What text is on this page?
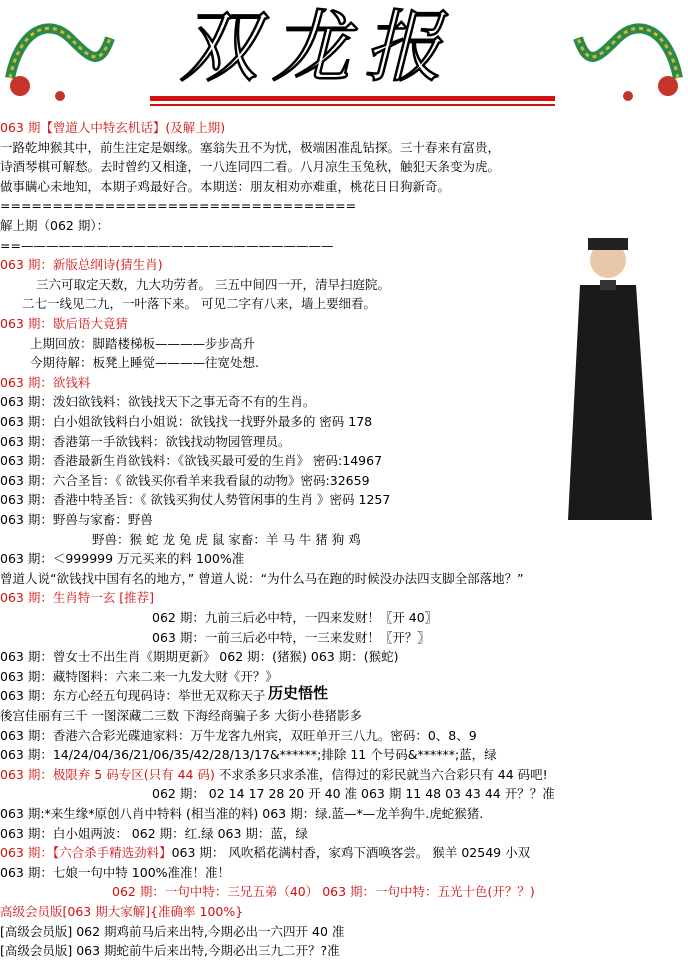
双龙报
063 期【曾道人中特玄机话】(及解上期)
一路乾坤猴其中，前生注定是姻缘。塞翁失丑不为忧，极端困准乱钻探。三十春来有富贵，
诗酒琴棋可解愁。去时曾约又相逢，一八连同四二看。八月凉生玉兔秋，触犯天条变为虎。
做事瞒心未地知，本期子鸡最好合。本期送：朋友相劝亦难重，桃花日日狗新奇。
==================================
解上期（062 期）：
==—————————————————————————
063 期：新版总纲诗(猜生肖)
三六可取定天数，九大功劳者。 三五中间四一开，清早扫庭院。
二七一线见二九，一叶落下来。 可见二字有八来，墙上要细看。
063 期：歇后语大竟猜
上期回放：脚踏楼梯板————步步高升
今期待解：板凳上睡觉————往宽处想.
063 期：欲钱料
063 期：泼妇欲钱料：欲钱找天下之事无奇不有的生肖。
063 期：白小姐欲钱料白小姐说：欲钱找一找野外最多的 密码 178
063 期：香港第一手欲钱料：欲钱找动物园管理员。
063 期：香港最新生肖欲钱料：《欲钱买最可爱的生肖》 密码:14967
063 期：六合圣旨：《 欲钱买你看羊来我看鼠的动物》密码:32659
063 期：香港中特圣旨：《 欲钱买狗仗人势管闲事的生肖 》密码 1257
063 期：野兽与家畜：野兽
野兽：猴 蛇 龙 兔 虎 鼠 家畜：羊 马 牛 猪 狗 鸡
063 期：＜999999 万元买来的料 100%准
曾道人说“欲钱找中国有名的地方，” 曾道人说：“为什么马在跑的时候没办法四支脚全部落地？”
063 期：生肖特一玄 [推荐]
062 期：九前三后必中特，一四来发财！〖开 40〗
063 期：一前三后必中特，一三来发财！〖开？〗
063 期：曾女士不出生肖《期期更新》 062 期：(猪猴) 063 期：(猴蛇)
063 期：藏特图料：六来二来一九发大财《开？》
063 期：东方心经五句现码诗：举世无双称天子
後宫佳丽有三千 一图深藏二三数 下海经商骗子多 大街小巷猪影多
063 期：香港六合彩光碟迪家料：万牛龙客九州宾，双旺单开三八九。密码：0、8、9
063 期：14/24/04/36/21/06/35/42/28/13/17&******;排除 11 个号码&******;蓝，绿
063 期：极限弃 5 码专区(只有 44 码) 不求杀多只求杀准，信得过的彩民就当六合彩只有 44 码吧!
062 期： 02 14 17 28 20 开 40 准 063 期 11 48 03 43 44 开？？准
063 期:*来生缘*原创八肖中特料 (相当准的料) 063 期：绿.蓝—*—龙羊狗牛.虎蛇猴猪.
063 期：白小姐两波： 062 期：红.绿 063 期：蓝，绿
063 期：【六合杀手精选劲料】063 期： 风吹稻花满村香，家鸡下酒唤客尝。 猴羊 02549 小双
063 期：七娘一句中特 100%准准！准！
062 期：一句中特：三兄五弟（40） 063 期：一句中特：五光十色(开？？)
高级会员版[063 期大家解]{准确率 100%}
[高级会员版] 062 期鸡前马后来出特,今期必出一六四开 40 准
[高级会员版] 063 期蛇前牛后来出特,今期必出三九二开？?准
历史悟性
